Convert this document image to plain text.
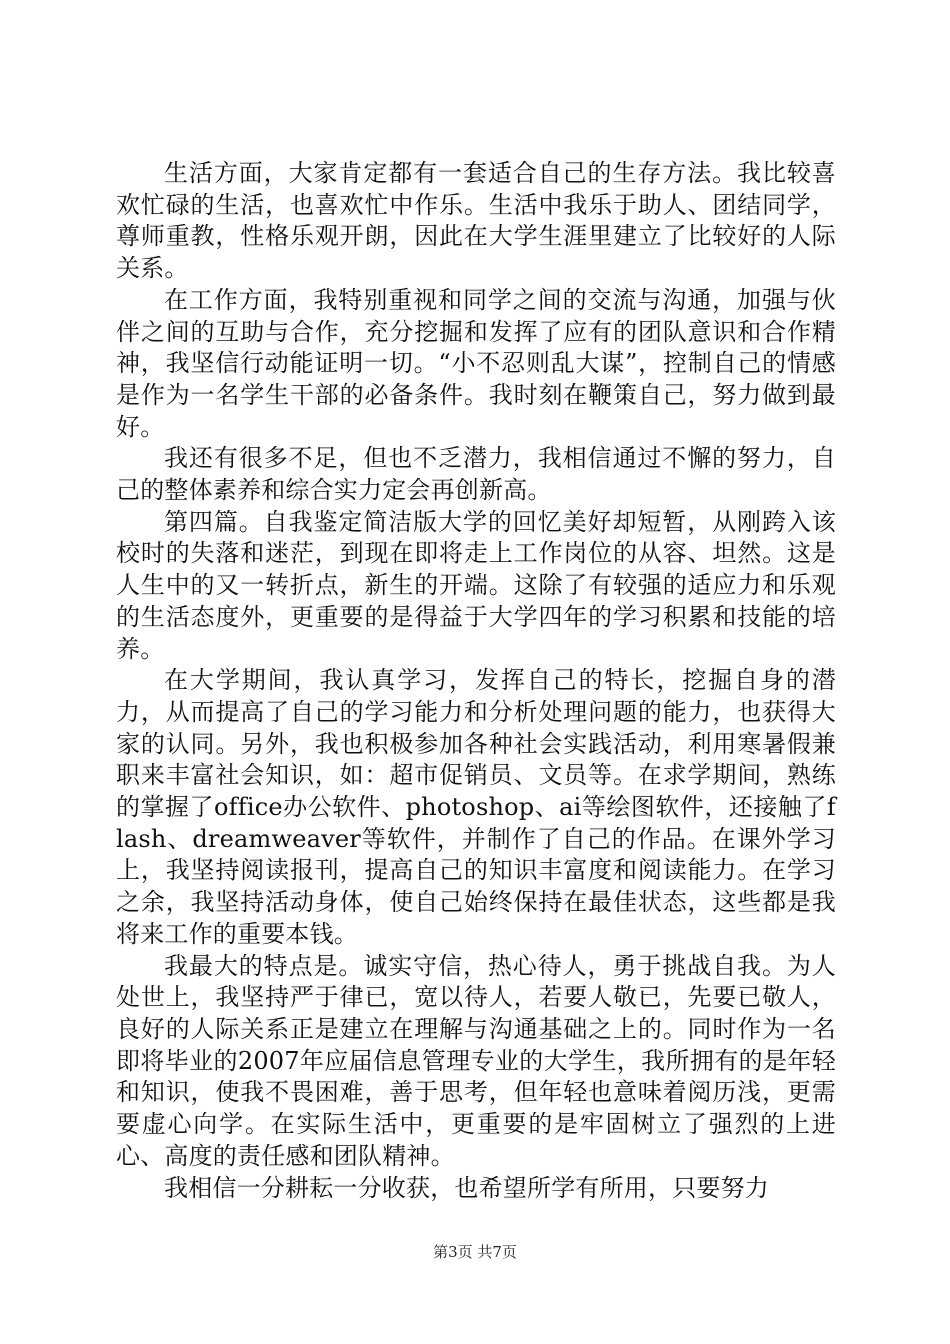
生活方面，大家肯定都有一套适合自己的生存方法。我比较喜欢忙碌的生活，也喜欢忙中作乐。生活中我乐于助人、团结同学，尊师重教，性格乐观开朗，因此在大学生涯里建立了比较好的人际关系。

在工作方面，我特别重视和同学之间的交流与沟通，加强与伙伴之间的互助与合作，充分挖掘和发挥了应有的团队意识和合作精神，我坚信行动能证明一切。“小不忍则乱大谋”，控制自己的情感是作为一名学生干部的必备条件。我时刻在鞭策自己，努力做到最好。

我还有很多不足，但也不乏潜力，我相信通过不懈的努力，自己的整体素养和综合实力定会再创新高。

第四篇。自我鉴定简洁版大学的回忆美好却短暂，从刚跨入该校时的失落和迷茫，到现在即将走上工作岗位的从容、坦然。这是人生中的又一转折点，新生的开端。这除了有较强的适应力和乐观的生活态度外，更重要的是得益于大学四年的学习积累和技能的培养。

在大学期间，我认真学习，发挥自己的特长，挖掘自身的潜力，从而提高了自己的学习能力和分析处理问题的能力，也获得大家的认同。另外，我也积极参加各种社会实践活动，利用寒暑假兼职来丰富社会知识，如：超市促销员、文员等。在求学期间，熟练的掌握了office办公软件、photoshop、ai等绘图软件，还接触了flash、dreamweaver等软件，并制作了自己的作品。在课外学习上，我坚持阅读报刊，提高自己的知识丰富度和阅读能力。在学习之余，我坚持活动身体，使自己始终保持在最佳状态，这些都是我将来工作的重要本钱。

我最大的特点是。诚实守信，热心待人，勇于挑战自我。为人处世上，我坚持严于律已，宽以待人，若要人敬已，先要已敬人，良好的人际关系正是建立在理解与沟通基础之上的。同时作为一名即将毕业的2007年应届信息管理专业的大学生，我所拥有的是年轻和知识，使我不畏困难，善于思考，但年轻也意味着阅历浅，更需要虚心向学。在实际生活中，更重要的是牢固树立了强烈的上进心、高度的责任感和团队精神。

我相信一分耕耘一分收获，也希望所学有所用，只要努力

第3页 共7页
